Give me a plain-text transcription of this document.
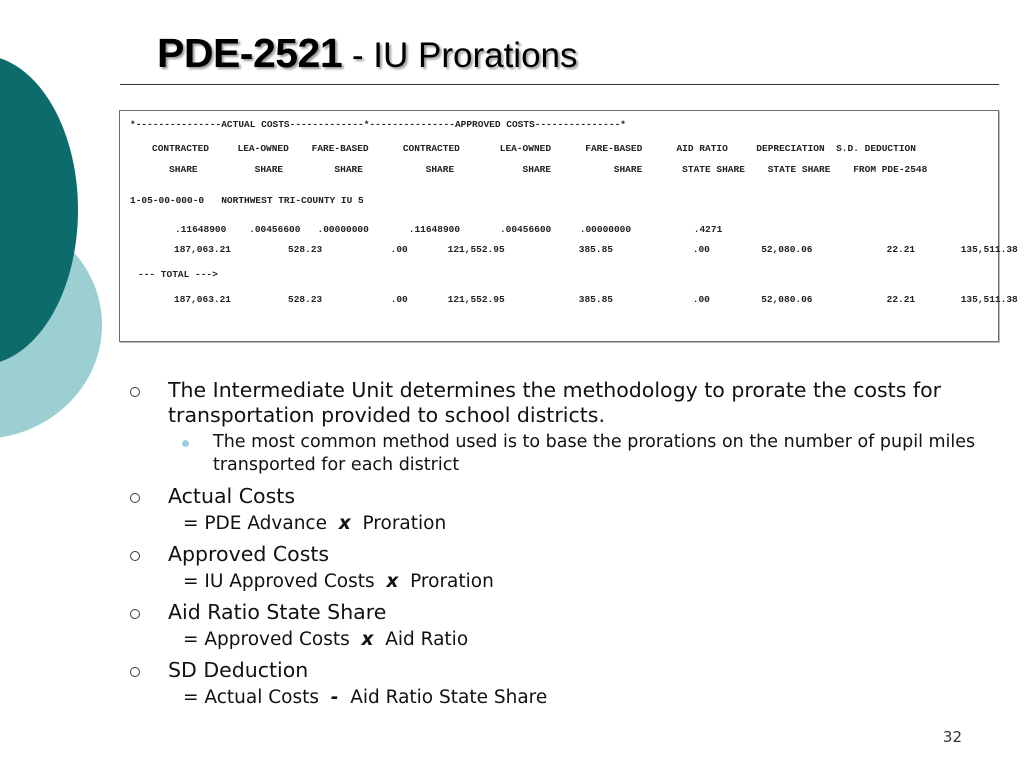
PDE-2521 - IU Prorations
*---------------ACTUAL COSTS-------------*---------------APPROVED COSTS---------------*
CONTRACTED     LEA-OWNED    FARE-BASED      CONTRACTED       LEA-OWNED      FARE-BASED      AID RATIO     DEPRECIATION  S.D. DEDUCTION
SHARE          SHARE         SHARE           SHARE            SHARE           SHARE       STATE SHARE    STATE SHARE    FROM PDE-2548
1-05-00-000-0   NORTHWEST TRI-COUNTY IU 5
.11648900    .00456600   .00000000       .11648900       .00456600     .00000000           .4271
187,063.21          528.23            .00       121,552.95             385.85              .00         52,080.06             22.21        135,511.38
--- TOTAL --->
187,063.21          528.23            .00       121,552.95             385.85              .00         52,080.06             22.21        135,511.38
The Intermediate Unit determines the methodology to prorate the costs for transportation provided to school districts.
The most common method used is to base the prorations on the number of pupil miles transported for each district
Actual Costs
= PDE Advance  x  Proration
Approved Costs
= IU Approved Costs  x  Proration
Aid Ratio State Share
= Approved Costs  x  Aid Ratio
SD Deduction
= Actual Costs  -  Aid Ratio State Share
32
